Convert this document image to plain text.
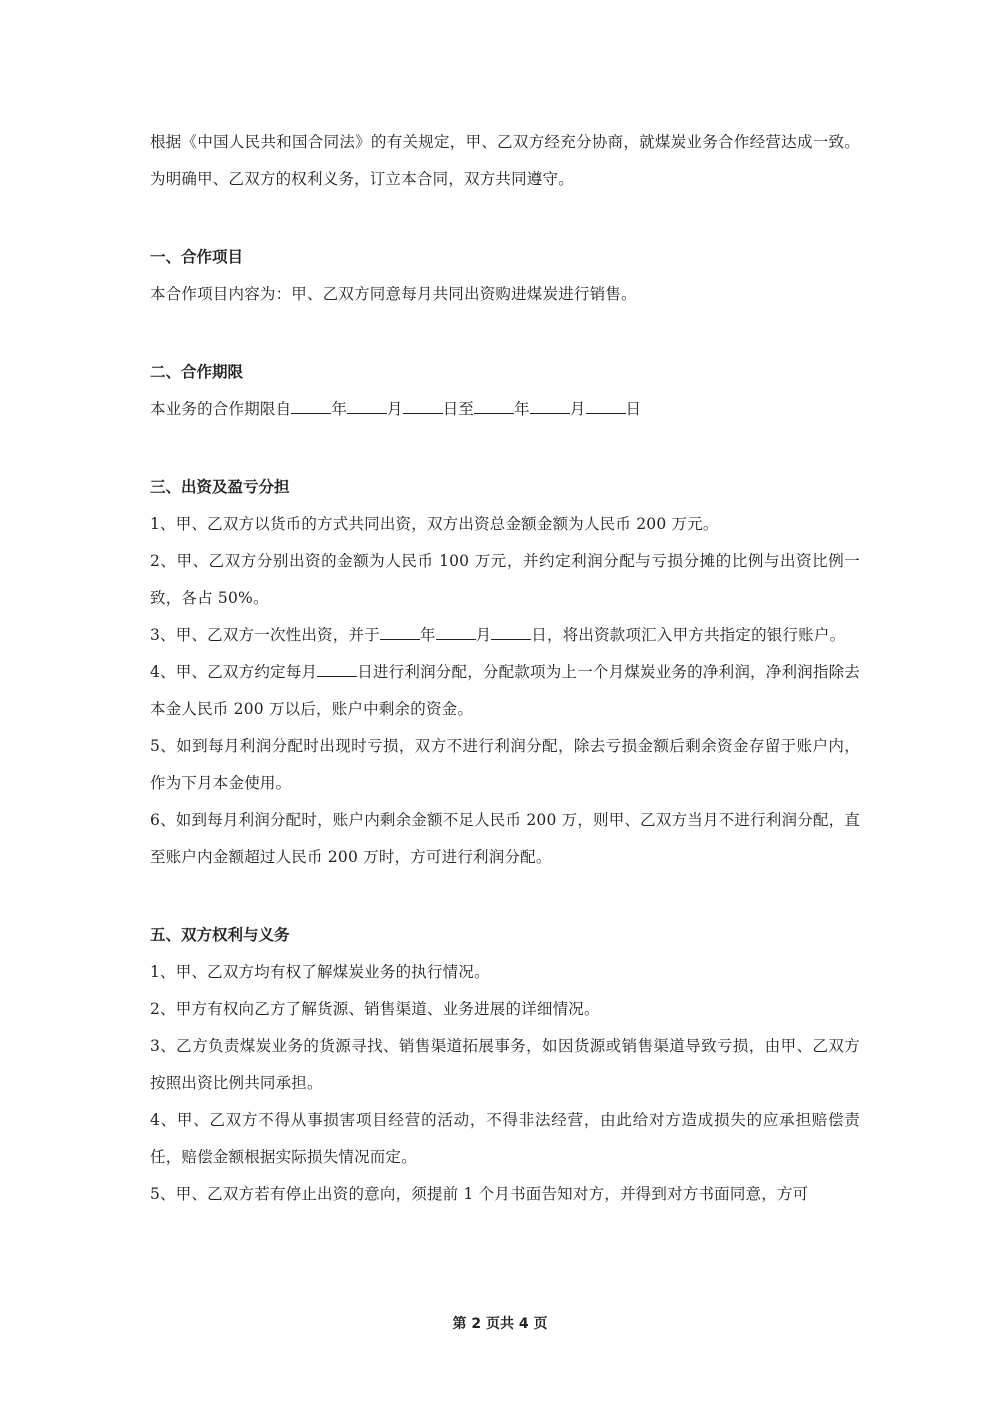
根据《中国人民共和国合同法》的有关规定，甲、乙双方经充分协商，就煤炭业务合作经营达成一致。为明确甲、乙双方的权利义务，订立本合同，双方共同遵守。

一、合作项目

本合作项目内容为：甲、乙双方同意每月共同出资购进煤炭进行销售。

二、合作期限

本业务的合作期限自	年	月	日至	年	月	日

三、出资及盈亏分担

1、甲、乙双方以货币的方式共同出资，双方出资总金额金额为人民币 200 万元。

2、甲、乙双方分别出资的金额为人民币 100 万元，并约定利润分配与亏损分摊的比例与出资比例一致，各占 50%。

3、甲、乙双方一次性出资，并于	年	月	日，将出资款项汇入甲方共指定的银行账户。

4、甲、乙双方约定每月	日进行利润分配，分配款项为上一个月煤炭业务的净利润，净利润指除去本金人民币 200 万以后，账户中剩余的资金。

5、如到每月利润分配时出现时亏损，双方不进行利润分配，除去亏损金额后剩余资金存留于账户内，作为下月本金使用。

6、如到每月利润分配时，账户内剩余金额不足人民币 200 万，则甲、乙双方当月不进行利润分配，直至账户内金额超过人民币 200 万时，方可进行利润分配。

五、双方权利与义务

1、甲、乙双方均有权了解煤炭业务的执行情况。

2、甲方有权向乙方了解货源、销售渠道、业务进展的详细情况。

3、乙方负责煤炭业务的货源寻找、销售渠道拓展事务，如因货源或销售渠道导致亏损，由甲、乙双方按照出资比例共同承担。

4、甲、乙双方不得从事损害项目经营的活动，不得非法经营，由此给对方造成损失的应承担赔偿责任，赔偿金额根据实际损失情况而定。

5、甲、乙双方若有停止出资的意向，须提前 1 个月书面告知对方，并得到对方书面同意，方可

第 2 页共 4 页
